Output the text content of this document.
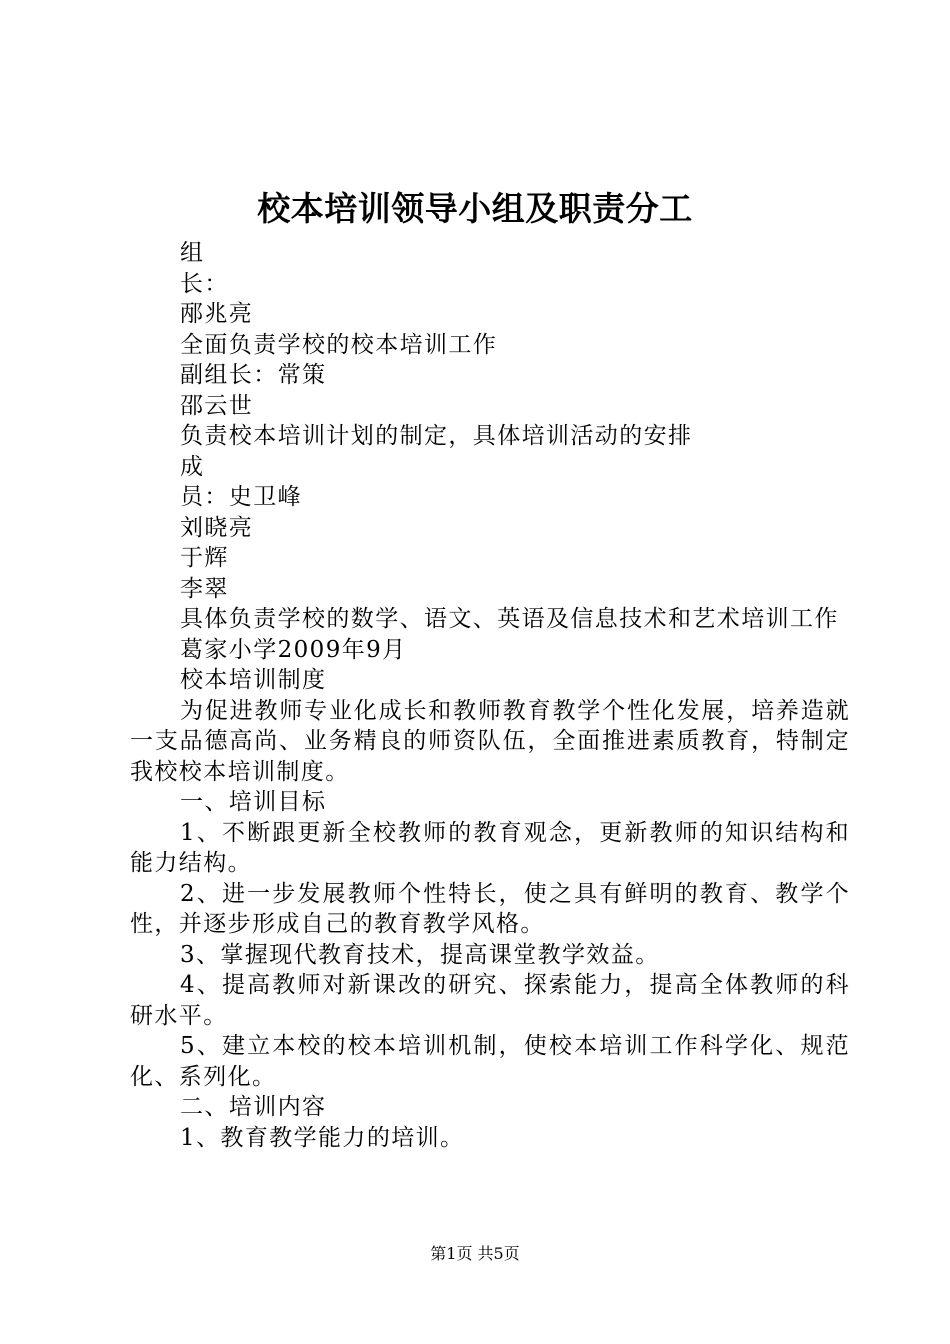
校本培训领导小组及职责分工
组
长：
邴兆亮
全面负责学校的校本培训工作
副组长：常策
邵云世
负责校本培训计划的制定，具体培训活动的安排
成
员：史卫峰
刘晓亮
于辉
李翠
具体负责学校的数学、语文、英语及信息技术和艺术培训工作
葛家小学2009年9月
校本培训制度
为促进教师专业化成长和教师教育教学个性化发展，培养造就一支品德高尚、业务精良的师资队伍，全面推进素质教育，特制定我校校本培训制度。
一、培训目标
1、不断跟更新全校教师的教育观念，更新教师的知识结构和能力结构。
2、进一步发展教师个性特长，使之具有鲜明的教育、教学个性，并逐步形成自己的教育教学风格。
3、掌握现代教育技术，提高课堂教学效益。
4、提高教师对新课改的研究、探索能力，提高全体教师的科研水平。
5、建立本校的校本培训机制，使校本培训工作科学化、规范化、系列化。
二、培训内容
1、教育教学能力的培训。
第1页 共5页
